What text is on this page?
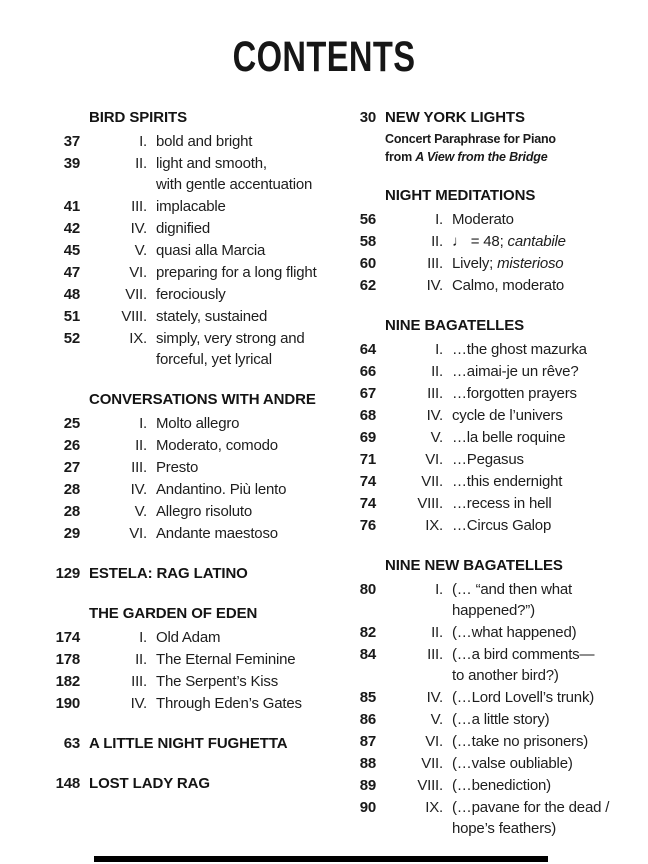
CONTENTS
BIRD SPIRITS
37	I. bold and bright
39	II. light and smooth,
with gentle accentuation
41	III. implacable
42	IV. dignified
45	V. quasi alla Marcia
47	VI. preparing for a long flight
48	VII. ferociously
51	VIII. stately, sustained
52	IX. simply, very strong and
forceful, yet lyrical
CONVERSATIONS WITH ANDRE
25	I. Molto allegro
26	II. Moderato, comodo
27	III. Presto
28	IV. Andantino. Più lento
28	V. Allegro risoluto
29	VI. Andante maestoso
129 ESTELA: RAG LATINO
THE GARDEN OF EDEN
174	I. Old Adam
178	II. The Eternal Feminine
182	III. The Serpent’s Kiss
190	IV. Through Eden’s Gates
63 A LITTLE NIGHT FUGHETTA
148 LOST LADY RAG
30 NEW YORK LIGHTS
Concert Paraphrase for Piano
from A View from the Bridge
NIGHT MEDITATIONS
56	I. Moderato
58	II. ♩ = 48; cantabile
60	III. Lively; misterioso
62	IV. Calmo, moderato
NINE BAGATELLES
64	I. …the ghost mazurka
66	II. …aimai-je un rêve?
67	III. …forgotten prayers
68	IV. cycle de l’univers
69	V. …la belle roquine
71	VI. …Pegasus
74	VII. …this endernight
74	VIII. …recess in hell
76	IX. …Circus Galop
NINE NEW BAGATELLES
80	I. (… “and then what happened?”)
82	II. (…what happened)
84	III. (…a bird comments—
to another bird?)
85	IV. (…Lord Lovell’s trunk)
86	V. (…a little story)
87	VI. (…take no prisoners)
88	VII. (…valse oubliable)
89	VIII. (…benediction)
90	IX. (…pavane for the dead /
hope’s feathers)
